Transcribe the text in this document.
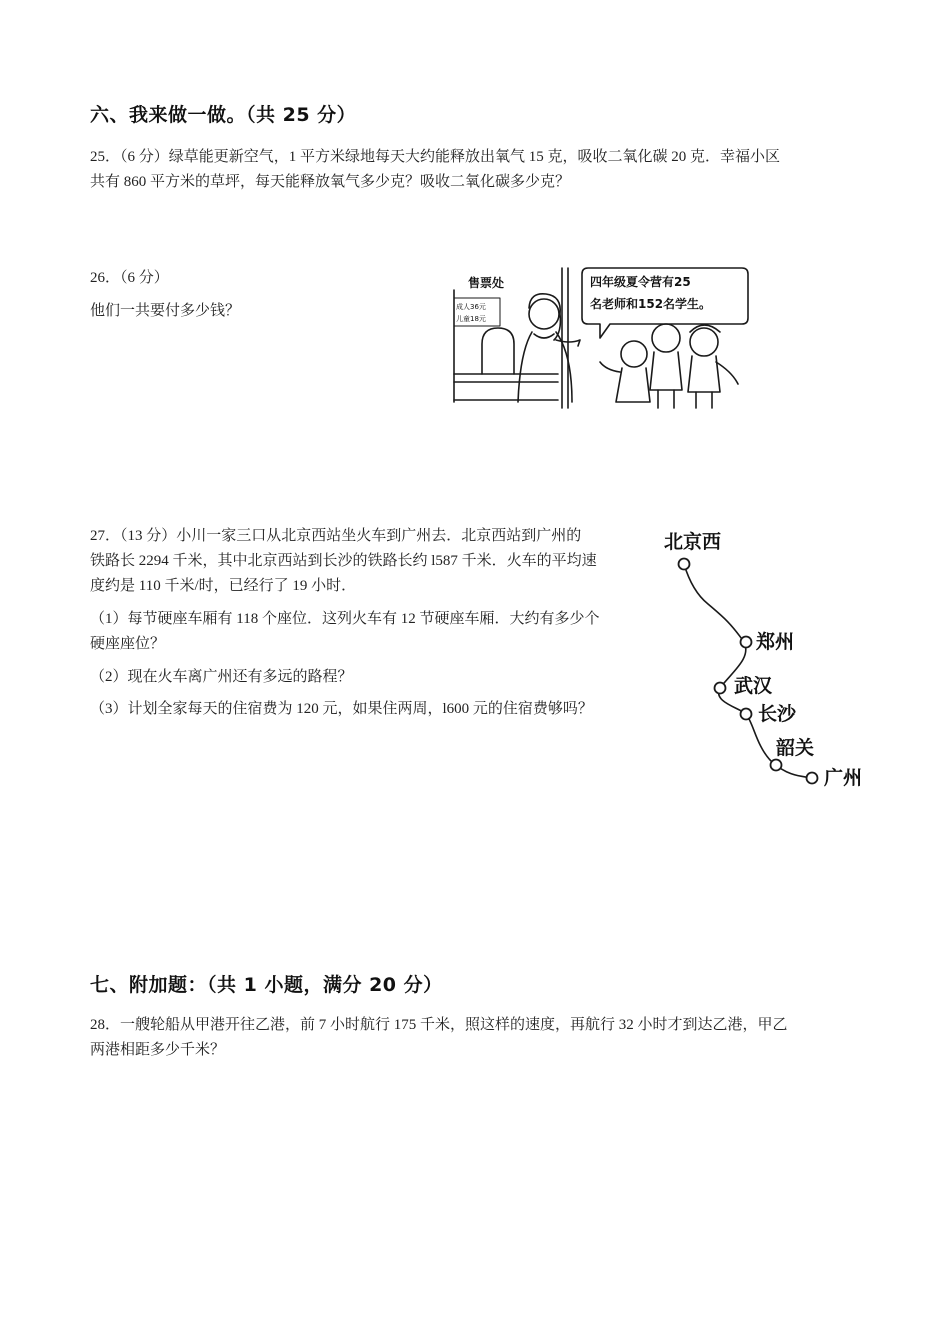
六、我来做一做。（共 25 分）
25．（6 分）绿草能更新空气，1 平方米绿地每天大约能释放出氧气 15 克，吸收二氧化碳 20 克．幸福小区
共有 860 平方米的草坪，每天能释放氧气多少克？吸收二氧化碳多少克？
26．（6 分）
他们一共要付多少钱？
售票处
成人36元
儿童18元
四年级夏令营有25
名老师和152名学生。
27．（13 分）小川一家三口从北京西站坐火车到广州去．北京西站到广州的
铁路长 2294 千米，其中北京西站到长沙的铁路长约 l587 千米．火车的平均速
度约是 110 千米/时，已经行了 19 小时．
（1）每节硬座车厢有 118 个座位．这列火车有 12 节硬座车厢．大约有多少个
硬座座位？
（2）现在火车离广州还有多远的路程？
（3）计划全家每天的住宿费为 120 元，如果住两周，l600 元的住宿费够吗？
北京西
郑州
武汉
长沙
韶关
广州
七、附加题：（共 1 小题，满分 20 分）
28．一艘轮船从甲港开往乙港，前 7 小时航行 175 千米，照这样的速度，再航行 32 小时才到达乙港，甲乙
两港相距多少千米？
